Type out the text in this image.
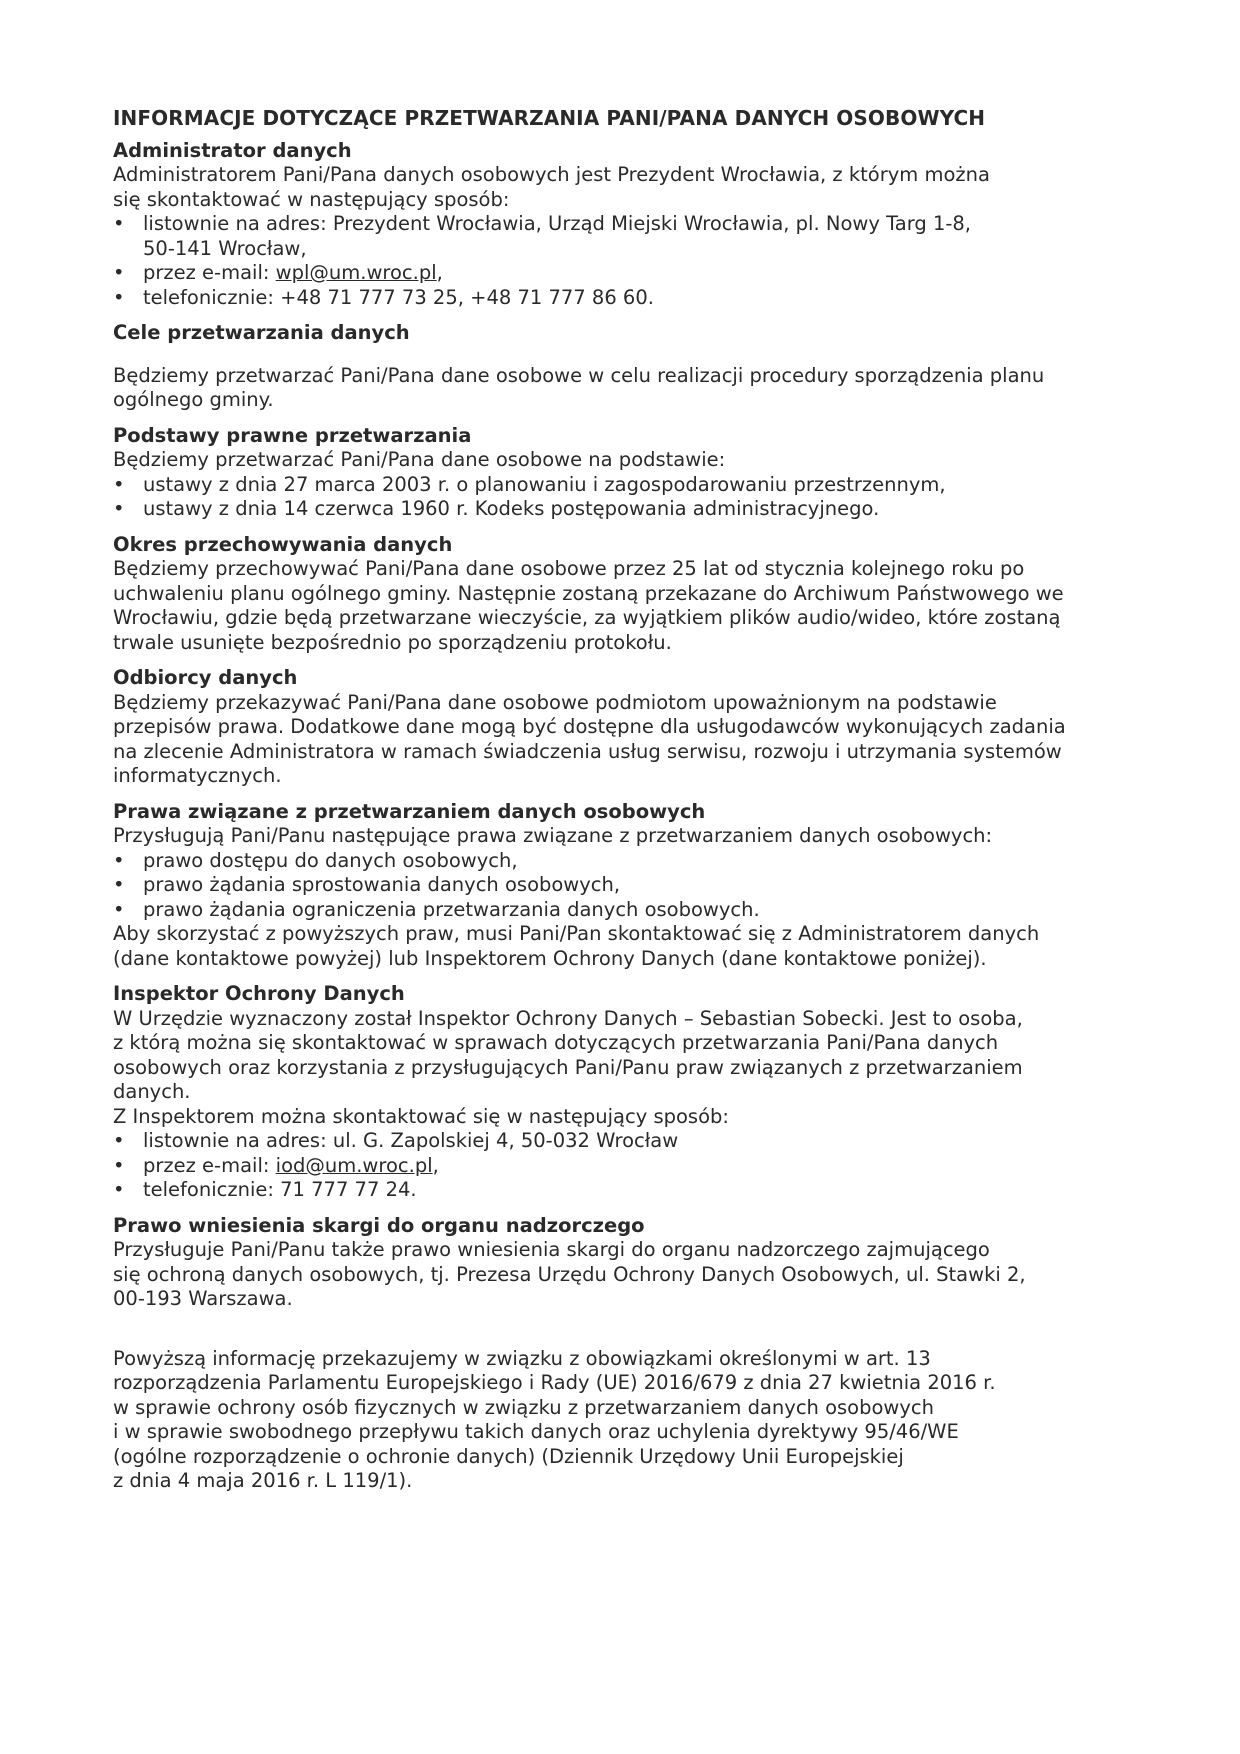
INFORMACJE DOTYCZĄCE PRZETWARZANIA PANI/PANA DANYCH OSOBOWYCH
Administrator danych

Administratorem Pani/Pana danych osobowych jest Prezydent Wrocławia, z którym można

się skontaktować w następujący sposób:

• listownie na adres: Prezydent Wrocławia, Urząd Miejski Wrocławia, pl. Nowy Targ 1-8,
50-141 Wrocław,
• przez e-mail: wpl@um.wroc.pl,
• telefonicznie: +48 71 777 73 25, +48 71 777 86 60.
Cele przetwarzania danych

Będziemy przetwarzać Pani/Pana dane osobowe w celu realizacji procedury sporządzenia planu

ogólnego gminy.

Podstawy prawne przetwarzania

Będziemy przetwarzać Pani/Pana dane osobowe na podstawie:

• ustawy z dnia 27 marca 2003 r. o planowaniu i zagospodarowaniu przestrzennym,
• ustawy z dnia 14 czerwca 1960 r. Kodeks postępowania administracyjnego.
Okres przechowywania danych

Będziemy przechowywać Pani/Pana dane osobowe przez 25 lat od stycznia kolejnego roku po

uchwaleniu planu ogólnego gminy. Następnie zostaną przekazane do Archiwum Państwowego we

Wrocławiu, gdzie będą przetwarzane wieczyście, za wyjątkiem plików audio/wideo, które zostaną

trwale usunięte bezpośrednio po sporządzeniu protokołu.

Odbiorcy danych

Będziemy przekazywać Pani/Pana dane osobowe podmiotom upoważnionym na podstawie

przepisów prawa. Dodatkowe dane mogą być dostępne dla usługodawców wykonujących zadania

na zlecenie Administratora w ramach świadczenia usług serwisu, rozwoju i utrzymania systemów

informatycznych.

Prawa związane z przetwarzaniem danych osobowych

Przysługują Pani/Panu następujące prawa związane z przetwarzaniem danych osobowych:

• prawo dostępu do danych osobowych,
• prawo żądania sprostowania danych osobowych,
• prawo żądania ograniczenia przetwarzania danych osobowych.

Aby skorzystać z powyższych praw, musi Pani/Pan skontaktować się z Administratorem danych

(dane kontaktowe powyżej) lub Inspektorem Ochrony Danych (dane kontaktowe poniżej).

Inspektor Ochrony Danych

W Urzędzie wyznaczony został Inspektor Ochrony Danych – Sebastian Sobecki. Jest to osoba,

z którą można się skontaktować w sprawach dotyczących przetwarzania Pani/Pana danych

osobowych oraz korzystania z przysługujących Pani/Panu praw związanych z przetwarzaniem

danych.

Z Inspektorem można skontaktować się w następujący sposób:

• listownie na adres: ul. G. Zapolskiej 4, 50-032 Wrocław
• przez e-mail: iod@um.wroc.pl,
• telefonicznie: 71 777 77 24.
Prawo wniesienia skargi do organu nadzorczego

Przysługuje Pani/Panu także prawo wniesienia skargi do organu nadzorczego zajmującego

się ochroną danych osobowych, tj. Prezesa Urzędu Ochrony Danych Osobowych, ul. Stawki 2,

00-193 Warszawa.

Powyższą informację przekazujemy w związku z obowiązkami określonymi w art. 13

rozporządzenia Parlamentu Europejskiego i Rady (UE) 2016/679 z dnia 27 kwietnia 2016 r.

w sprawie ochrony osób fizycznych w związku z przetwarzaniem danych osobowych

i w sprawie swobodnego przepływu takich danych oraz uchylenia dyrektywy 95/46/WE

(ogólne rozporządzenie o ochronie danych) (Dziennik Urzędowy Unii Europejskiej

z dnia 4 maja 2016 r. L 119/1).
